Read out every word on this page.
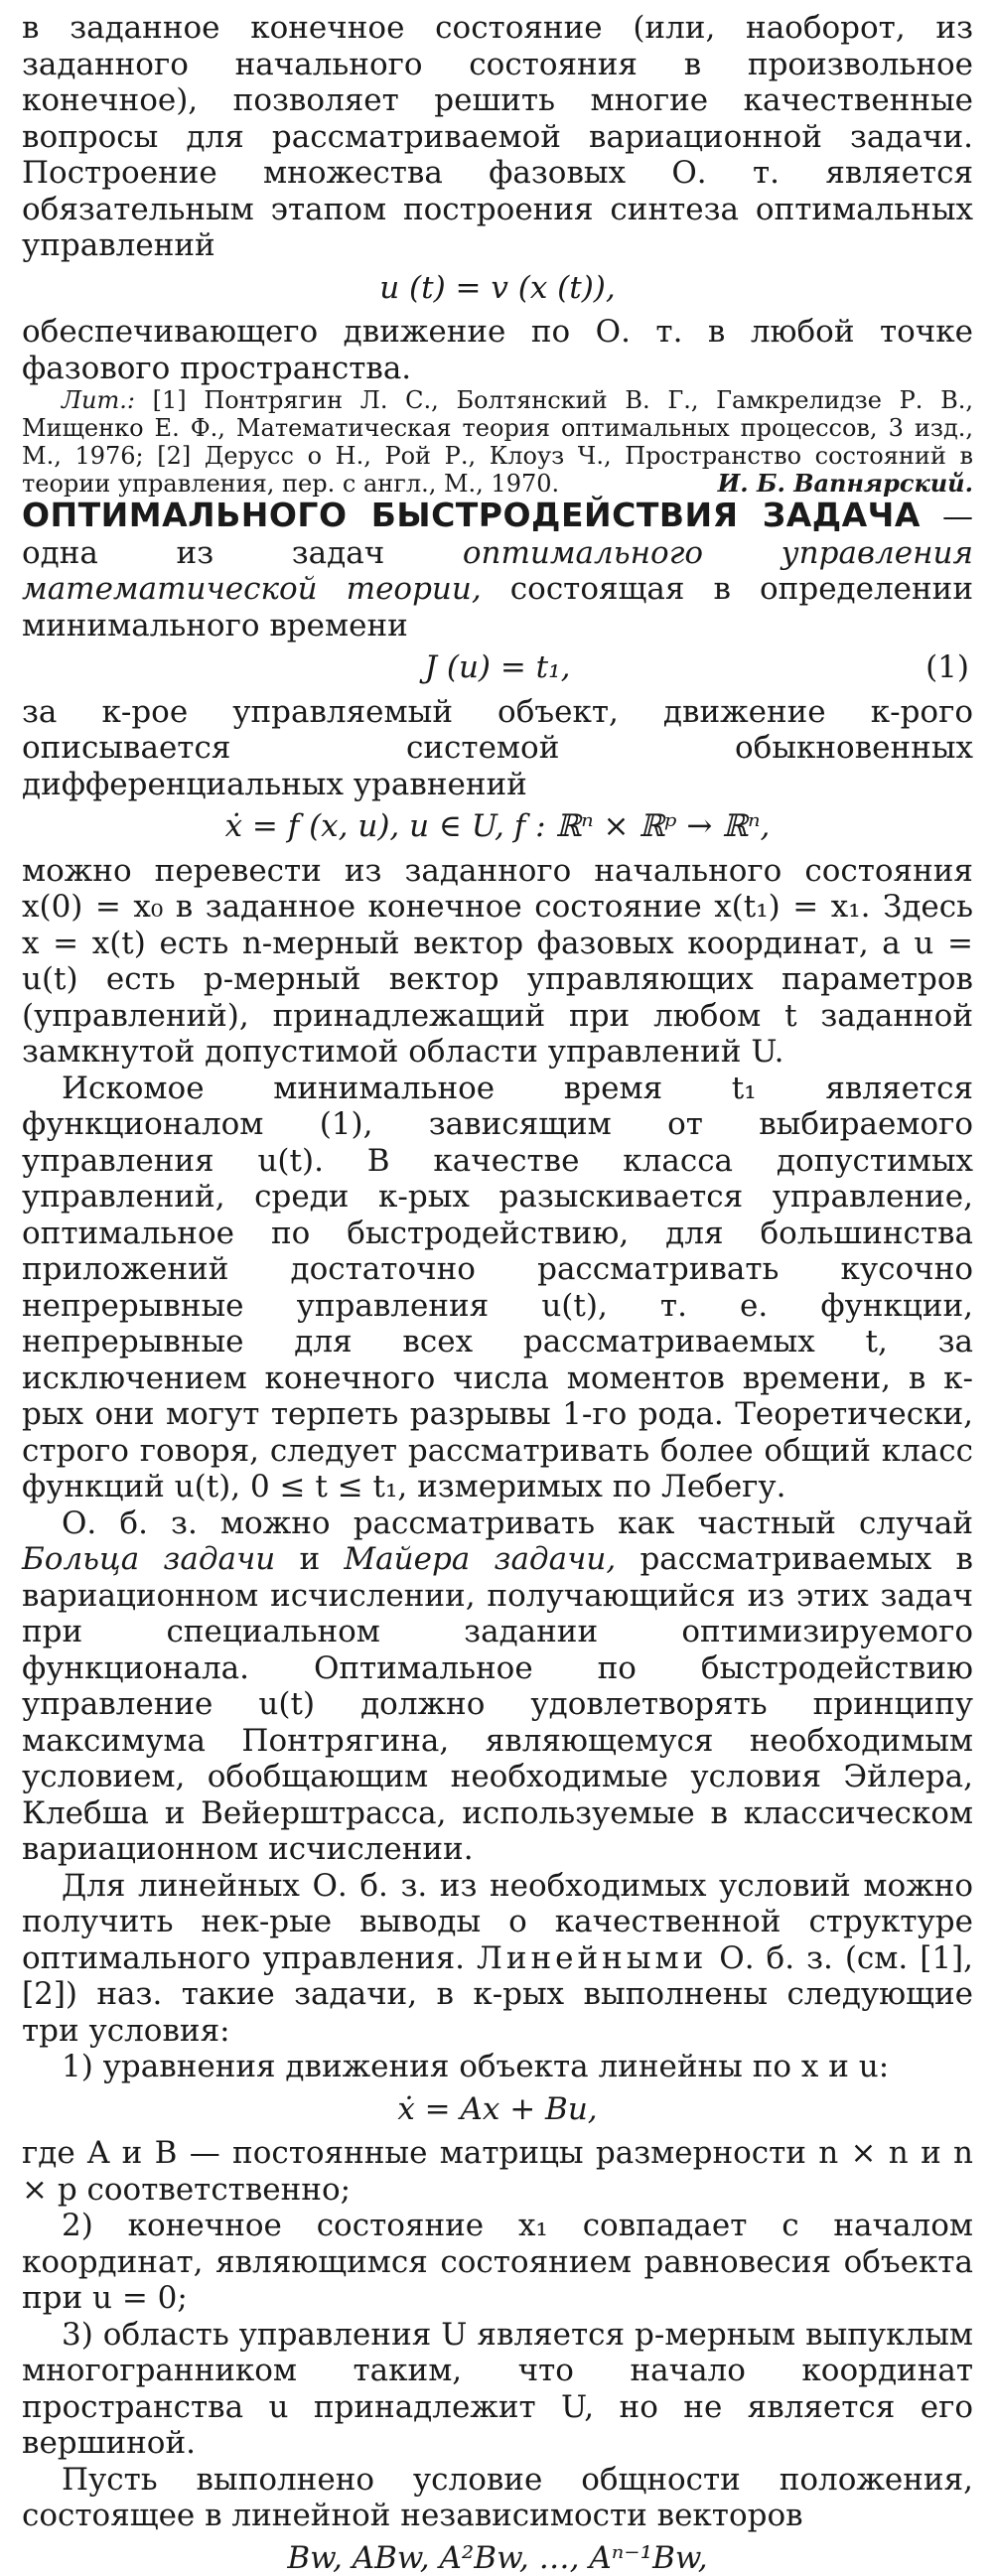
в заданное конечное состояние (или, наоборот, из заданного начального состояния в произвольное конечное), позволяет решить многие качественные вопросы для рассматриваемой вариационной задачи. Построение множества фазовых О. т. является обязательным этапом построения синтеза оптимальных управлений

u (t) = v (x (t)),

обеспечивающего движение по О. т. в любой точке фазового пространства.

Лит.: [1] Понтрягин Л. С., Болтянский В. Г., Гамкрелидзе Р. В., Мищенко Е. Ф., Математическая теория оптимальных процессов, 3 изд., М., 1976; [2] Дерусс о Н., Рой Р., Клоуз Ч., Пространство состояний в теории управления, пер. с англ., М., 1970.	И. Б. Вапнярский.

ОПТИМАЛЬНОГО БЫСТРОДЕЙСТВИЯ ЗАДАЧА — одна из задач	оптимального управления математической теории, состоящая в определении минимального времени

J (u) = t₁,	(1)

за к-рое управляемый объект, движение к-рого описывается системой обыкновенных дифференциальных уравнений

ẋ = f (x, u), u ∈ U, f : ℝⁿ × ℝᵖ → ℝⁿ,

можно перевести из заданного начального состояния x(0) = x₀ в заданное конечное состояние x(t₁) = x₁. Здесь x = x(t) есть n-мерный вектор фазовых координат, а u = u(t) есть p-мерный вектор управляющих параметров (управлений), принадлежащий при любом t заданной замкнутой допустимой области управлений U.

Искомое минимальное время t₁ является функционалом (1), зависящим от выбираемого управления u(t). В качестве класса допустимых управлений, среди к-рых разыскивается управление, оптимальное по быстродействию, для большинства приложений достаточно рассматривать кусочно непрерывные управления u(t), т. е. функции, непрерывные для всех рассматриваемых t, за исключением конечного числа моментов времени, в к-рых они могут терпеть разрывы 1-го рода. Теоретически, строго говоря, следует рассматривать более общий класс функций u(t), 0 ≤ t ≤ t₁, измеримых по Лебегу.

О. б. з. можно рассматривать как частный случай Больца задачи и Майера задачи, рассматриваемых в вариационном исчислении, получающийся из этих задач при специальном задании оптимизируемого функционала. Оптимальное по быстродействию управление u(t) должно удовлетворять принципу максимума Понтрягина, являющемуся необходимым условием, обобщающим необходимые условия Эйлера, Клебша и Вейерштрасса, используемые в классическом вариационном исчислении.

Для линейных О. б. з. из необходимых условий можно получить нек-рые выводы о качественной структуре оптимального управления. Линейными О. б. з. (см. [1], [2]) наз. такие задачи, в к-рых выполнены следующие три условия:

1) уравнения движения объекта линейны по x и u:

ẋ = Ax + Bu,

где A и B — постоянные матрицы размерности n × n и n × p соответственно;

2) конечное состояние x₁ совпадает с началом координат, являющимся состоянием равновесия объекта при u = 0;

3) область управления U является p-мерным выпуклым многогранником таким, что начало координат пространства u принадлежит U, но не является его вершиной.

Пусть выполнено условие общности положения, состоящее в линейной независимости векторов

Bw, ABw, A²Bw, …, Aⁿ⁻¹Bw,
